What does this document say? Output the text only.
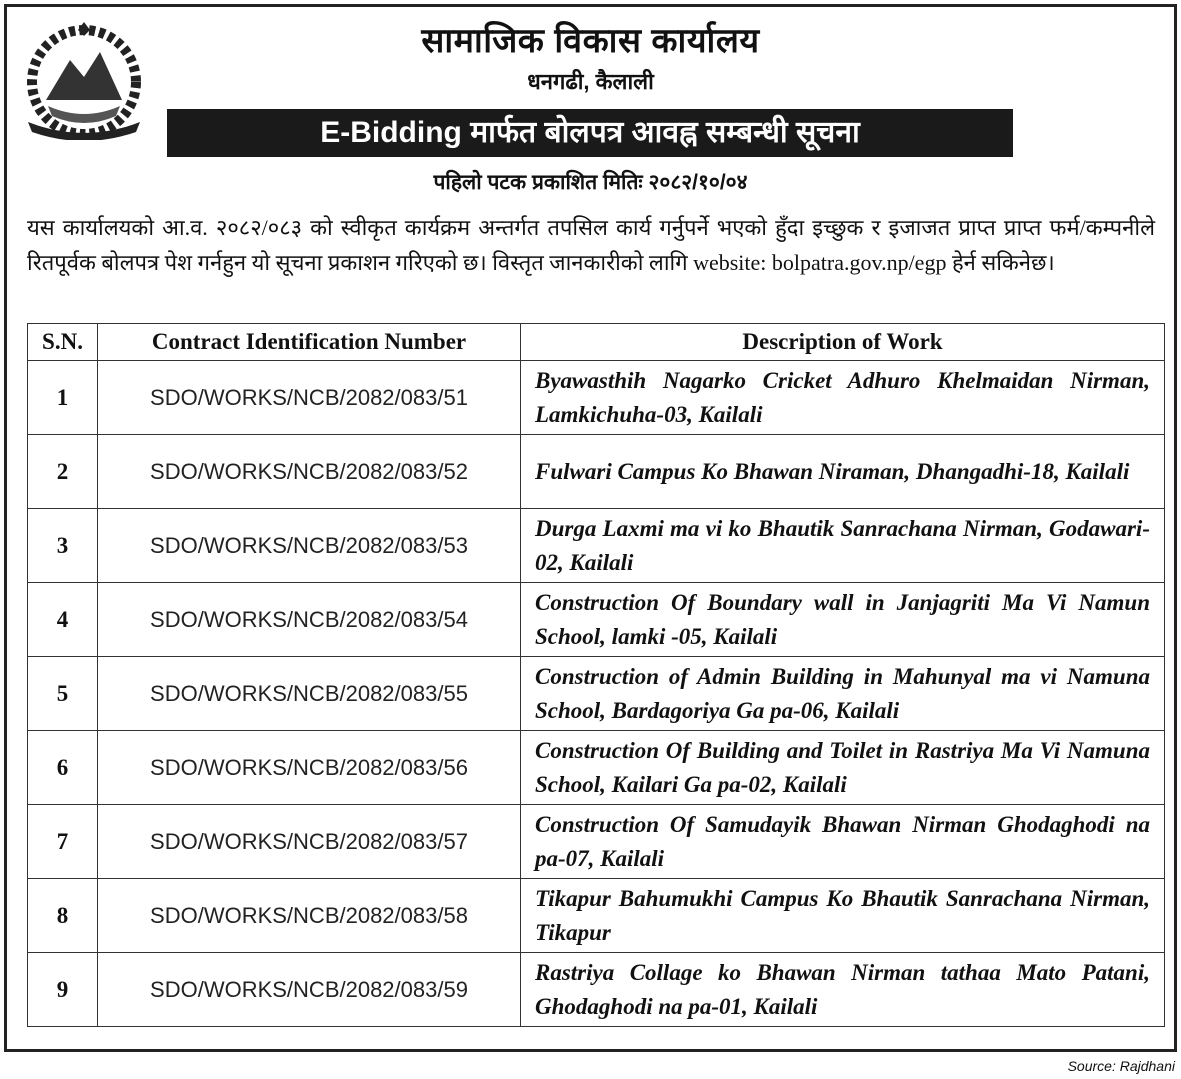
सामाजिक विकास कार्यालय
धनगढी, कैलाली
E-Bidding मार्फत बोलपत्र आवह्न सम्बन्धी सूचना
पहिलो पटक प्रकाशित मितिः २०८२/१०/०४

यस कार्यालयको आ.व. २०८२/०८३ को स्वीकृत कार्यक्रम अन्तर्गत तपसिल कार्य गर्नुपर्ने भएको हुँदा इच्छुक र इजाजत प्राप्त प्राप्त फर्म/कम्पनीले रितपूर्वक बोलपत्र पेश गर्नहुन यो सूचना प्रकाशन गरिएको छ। विस्तृत जानकारीको लागि website: bolpatra.gov.np/egp हेर्न सकिनेछ।

S.N.	Contract Identification Number	Description of Work
1	SDO/WORKS/NCB/2082/083/51	Byawasthih Nagarko Cricket Adhuro Khelmaidan Nirman, Lamkichuha-03, Kailali
2	SDO/WORKS/NCB/2082/083/52	Fulwari Campus Ko Bhawan Niraman, Dhangadhi-18, Kailali
3	SDO/WORKS/NCB/2082/083/53	Durga Laxmi ma vi ko Bhautik Sanrachana Nirman, Godawari-02, Kailali
4	SDO/WORKS/NCB/2082/083/54	Construction Of Boundary wall in Janjagriti Ma Vi Namun School, lamki -05, Kailali
5	SDO/WORKS/NCB/2082/083/55	Construction of Admin Building in Mahunyal ma vi Namuna School, Bardagoriya Ga pa-06, Kailali
6	SDO/WORKS/NCB/2082/083/56	Construction Of Building and Toilet in Rastriya Ma Vi Namuna School, Kailari Ga pa-02, Kailali
7	SDO/WORKS/NCB/2082/083/57	Construction Of Samudayik Bhawan Nirman Ghodaghodi na pa-07, Kailali
8	SDO/WORKS/NCB/2082/083/58	Tikapur Bahumukhi Campus Ko Bhautik Sanrachana Nirman, Tikapur
9	SDO/WORKS/NCB/2082/083/59	Rastriya Collage ko Bhawan Nirman tathaa Mato Patani, Ghodaghodi na pa-01, Kailali
Source: Rajdhani
